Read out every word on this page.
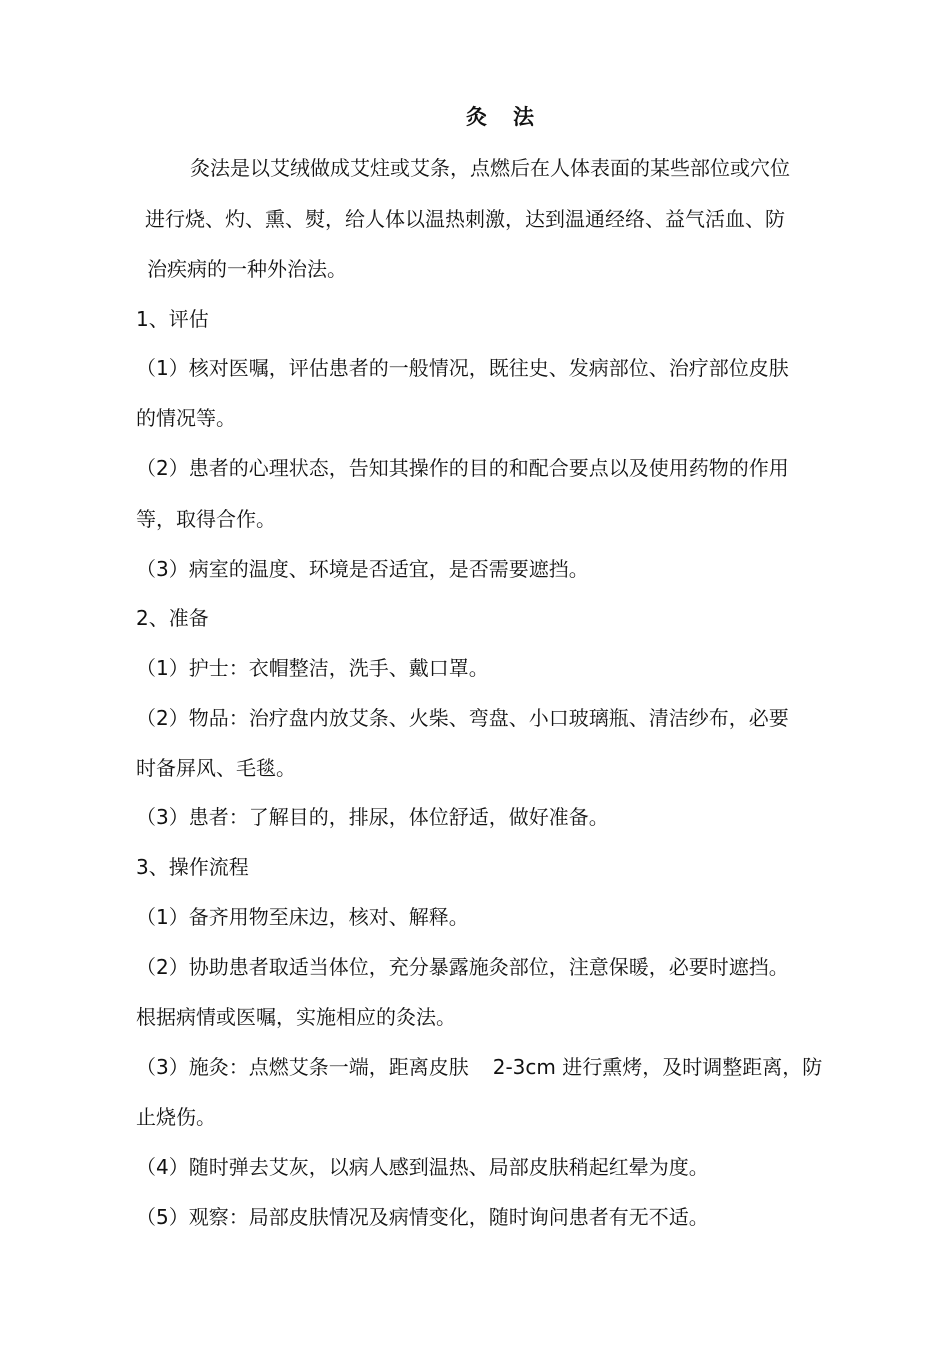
灸 法

灸法是以艾绒做成艾炷或艾条，点燃后在人体表面的某些部位或穴位

进行烧、灼、熏、熨，给人体以温热刺激，达到温通经络、益气活血、防

治疾病的一种外治法。

1、评估

（1）核对医嘱，评估患者的一般情况，既往史、发病部位、治疗部位皮肤

的情况等。

（2）患者的心理状态，告知其操作的目的和配合要点以及使用药物的作用

等，取得合作。

（3）病室的温度、环境是否适宜，是否需要遮挡。

2、准备

（1）护士：衣帽整洁，洗手、戴口罩。

（2）物品：治疗盘内放艾条、火柴、弯盘、小口玻璃瓶、清洁纱布，必要

时备屏风、毛毯。

（3）患者：了解目的，排尿，体位舒适，做好准备。

3、操作流程

（1）备齐用物至床边，核对、解释。

（2）协助患者取适当体位，充分暴露施灸部位，注意保暖，必要时遮挡。

根据病情或医嘱，实施相应的灸法。

（3）施灸：点燃艾条一端，距离皮肤 2-3cm 进行熏烤，及时调整距离，防

止烧伤。

（4）随时弹去艾灰，以病人感到温热、局部皮肤稍起红晕为度。

（5）观察：局部皮肤情况及病情变化，随时询问患者有无不适。
